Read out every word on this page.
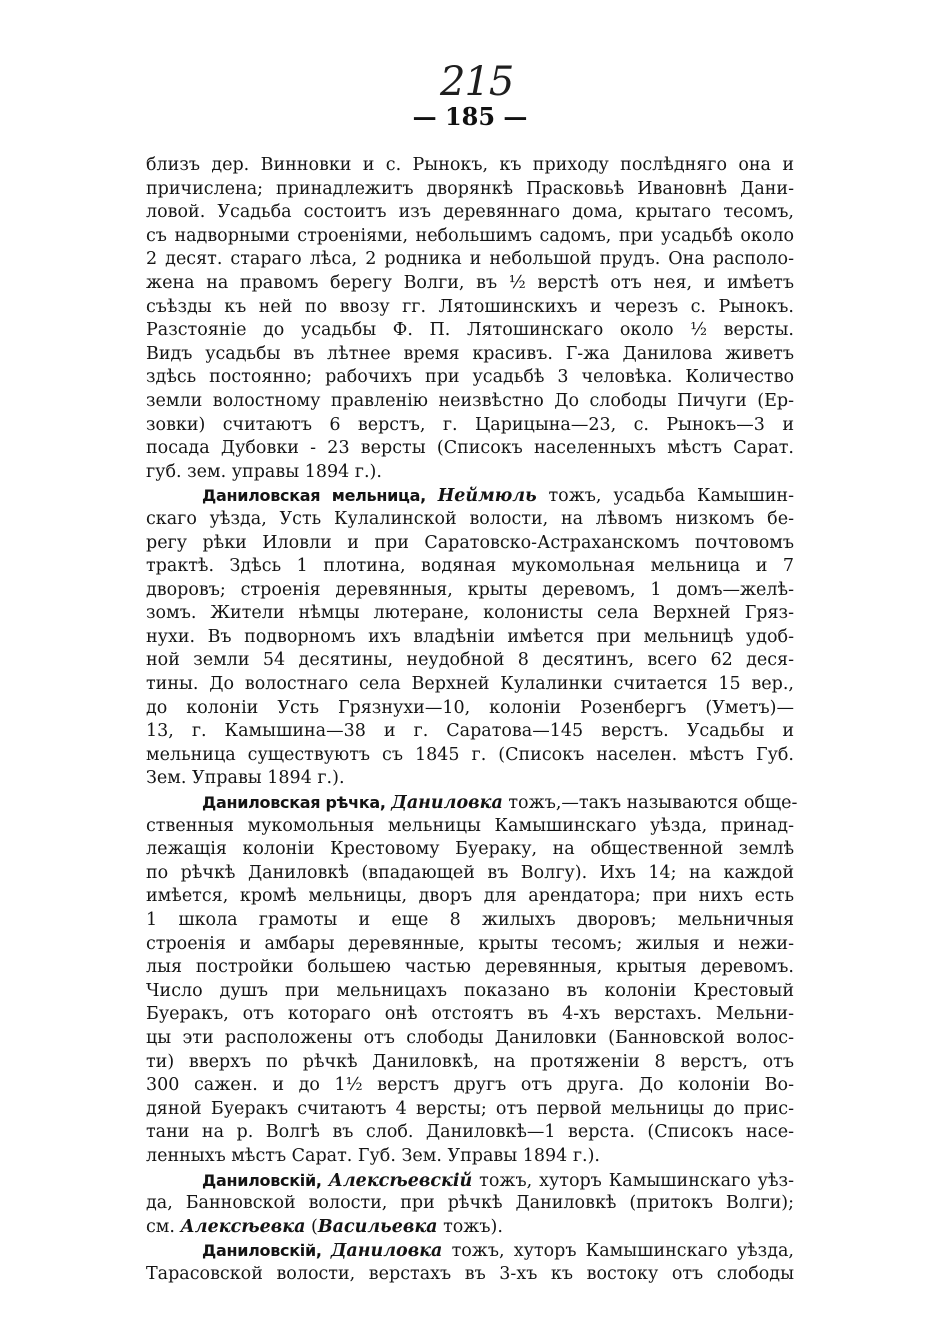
215
— 185 —
близъ дер. Винновки и с. Рынокъ, къ приходу послѣдняго она и
причислена; принадлежитъ дворянкѣ Прасковьѣ Ивановнѣ Дани-
ловой. Усадьба состоитъ изъ деревяннаго дома, крытаго тесомъ,
съ надворными строеніями, небольшимъ садомъ, при усадьбѣ около
2 десят. стараго лѣса, 2 родника и небольшой прудъ. Она располо-
жена на правомъ берегу Волги, въ ½ верстѣ отъ нея, и имѣетъ
съѣзды къ ней по ввозу гг. Лятошинскихъ и черезъ с. Рынокъ.
Разстояніе до усадьбы Ф. П. Лятошинскаго около ½ версты.
Видъ усадьбы въ лѣтнее время красивъ. Г-жа Данилова живетъ
здѣсь постоянно; рабочихъ при усадьбѣ 3 человѣка. Количество
земли волостному правленію неизвѣстно До слободы Пичуги (Ер-
зовки) считаютъ 6 верстъ, г. Царицына—23, с. Рынокъ—3 и
посада Дубовки - 23 версты (Списокъ населенныхъ мѣстъ Сарат.
губ. зем. управы 1894 г.).
Даниловская мельница, Неймюль тожъ, усадьба Камышин-
скаго уѣзда, Усть Кулалинской волости, на лѣвомъ низкомъ бе-
регу рѣки Иловли и при Саратовско-Астраханскомъ почтовомъ
трактѣ. Здѣсь 1 плотина, водяная мукомольная мельница и 7
дворовъ; строенія деревянныя, крыты деревомъ, 1 домъ—желѣ-
зомъ. Жители нѣмцы лютеране, колонисты села Верхней Гряз-
нухи. Въ подворномъ ихъ владѣніи имѣется при мельницѣ удоб-
ной земли 54 десятины, неудобной 8 десятинъ, всего 62 деся-
тины. До волостнаго села Верхней Кулалинки считается 15 вер.,
до колоніи Усть Грязнухи—10, колоніи Розенбергъ (Уметъ)—
13, г. Камышина—38 и г. Саратова—145 верстъ. Усадьбы и
мельница существуютъ съ 1845 г. (Списокъ населен. мѣстъ Губ.
Зем. Управы 1894 г.).
Даниловская рѣчка, Даниловка тожъ,—такъ называются обще-
ственныя мукомольныя мельницы Камышинскаго уѣзда, принад-
лежащія колоніи Крестовому Буераку, на общественной землѣ
по рѣчкѣ Даниловкѣ (впадающей въ Волгу). Ихъ 14; на каждой
имѣется, кромѣ мельницы, дворъ для арендатора; при нихъ есть
1 школа грамоты и еще 8 жилыхъ дворовъ; мельничныя
строенія и амбары деревянные, крыты тесомъ; жилыя и нежи-
лыя постройки большею частью деревянныя, крытыя деревомъ.
Число душъ при мельницахъ показано въ колоніи Крестовый
Буеракъ, отъ котораго онѣ отстоятъ въ 4-хъ верстахъ. Мельни-
цы эти расположены отъ слободы Даниловки (Банновской волос-
ти) вверхъ по рѣчкѣ Даниловкѣ, на протяженіи 8 верстъ, отъ
300 сажен. и до 1½ верстъ другъ отъ друга. До колоніи Во-
дяной Буеракъ считаютъ 4 версты; отъ первой мельницы до прис-
тани на р. Волгѣ въ слоб. Даниловкѣ—1 верста. (Списокъ насе-
ленныхъ мѣстъ Сарат. Губ. Зем. Управы 1894 г.).
Даниловскій, Алексѣевскій тожъ, хуторъ Камышинскаго уѣз-
да, Банновской волости, при рѣчкѣ Даниловкѣ (притокъ Волги);
см. Алексѣевка (Васильевка тожъ).
Даниловскій, Даниловка тожъ, хуторъ Камышинскаго уѣзда,
Тарасовской волости, верстахъ въ 3-хъ къ востоку отъ слободы
